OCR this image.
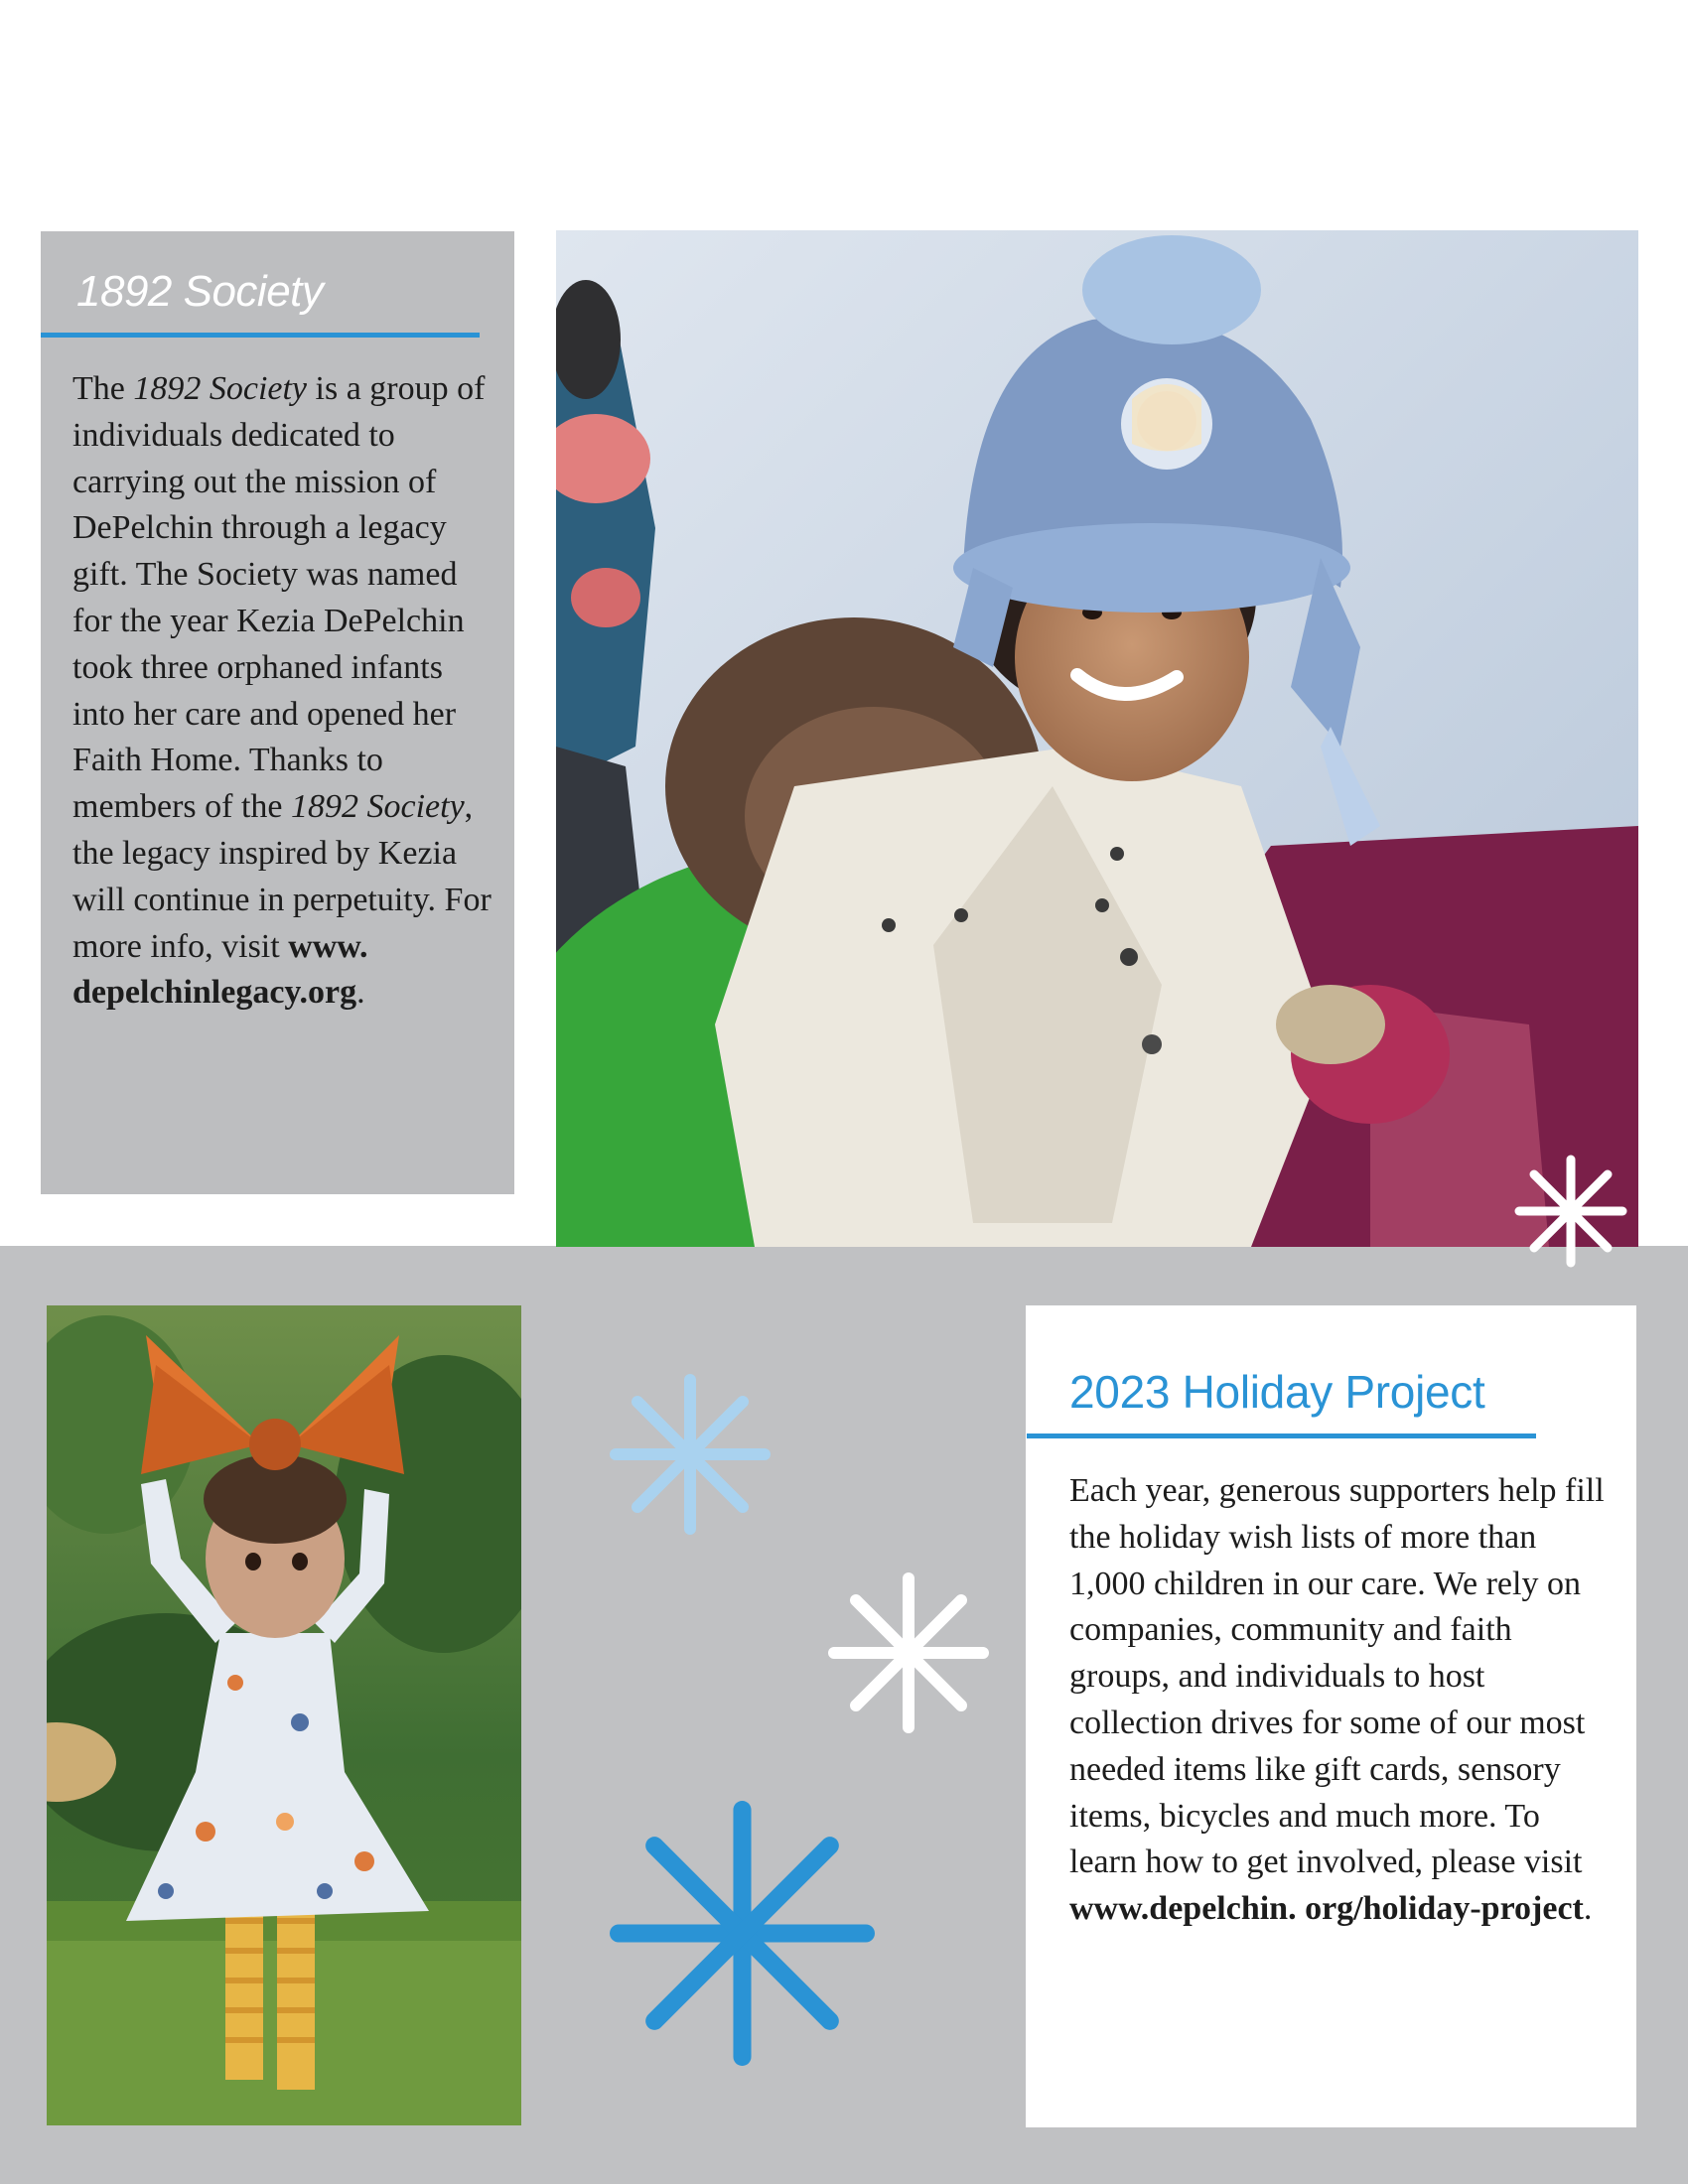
1892 Society
The 1892 Society is a group of individuals dedicated to carrying out the mission of DePelchin through a legacy gift. The Society was named for the year Kezia DePelchin took three orphaned infants into her care and opened her Faith Home. Thanks to members of the 1892 Society, the legacy inspired by Kezia will continue in perpetuity. For more info, visit www. depelchinlegacy.org.
2023 Holiday Project
Each year, generous supporters help fill the holiday wish lists of more than 1,000 children in our care. We rely on companies, community and faith groups, and individuals to host collection drives for some of our most needed items like gift cards, sensory items, bicycles and much more. To learn how to get involved, please visit www.depelchin. org/holiday-project.
